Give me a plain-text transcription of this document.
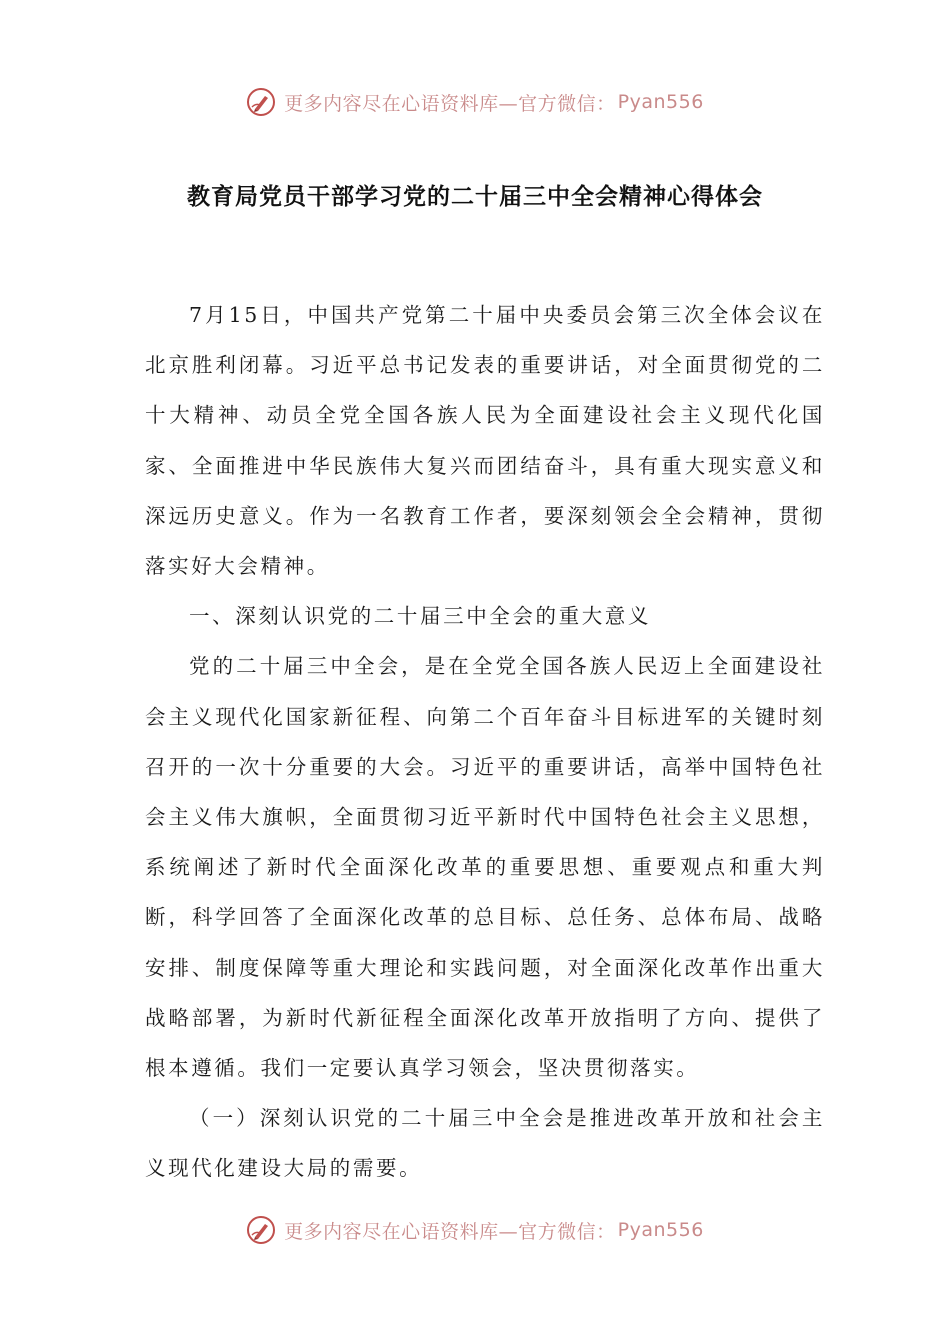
更多内容尽在心语资料库—官方微信： Pyan556
教育局党员干部学习党的二十届三中全会精神心得体会

7月15日，中国共产党第二十届中央委员会第三次全体会议在北京胜利闭幕。习近平总书记发表的重要讲话，对全面贯彻党的二十大精神、动员全党全国各族人民为全面建设社会主义现代化国家、全面推进中华民族伟大复兴而团结奋斗，具有重大现实意义和深远历史意义。作为一名教育工作者，要深刻领会全会精神，贯彻落实好大会精神。

一、深刻认识党的二十届三中全会的重大意义

党的二十届三中全会，是在全党全国各族人民迈上全面建设社会主义现代化国家新征程、向第二个百年奋斗目标进军的关键时刻召开的一次十分重要的大会。习近平的重要讲话，高举中国特色社会主义伟大旗帜，全面贯彻习近平新时代中国特色社会主义思想，系统阐述了新时代全面深化改革的重要思想、重要观点和重大判断，科学回答了全面深化改革的总目标、总任务、总体布局、战略安排、制度保障等重大理论和实践问题，对全面深化改革作出重大战略部署，为新时代新征程全面深化改革开放指明了方向、提供了根本遵循。我们一定要认真学习领会，坚决贯彻落实。

（一）深刻认识党的二十届三中全会是推进改革开放和社会主义现代化建设大局的需要。

更多内容尽在心语资料库—官方微信： Pyan556
